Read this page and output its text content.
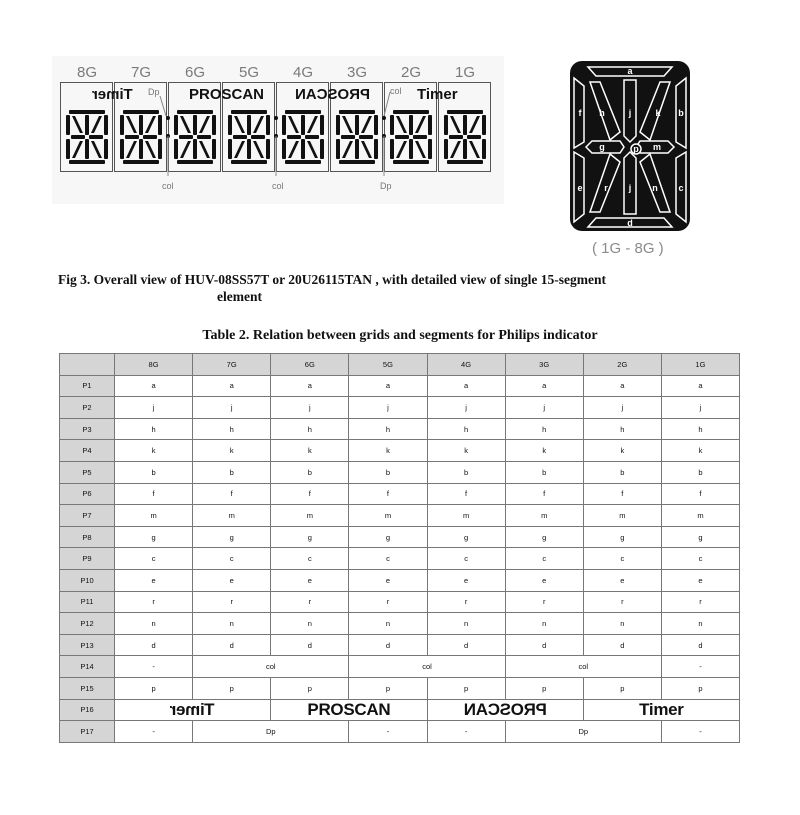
8G	7G	6G	5G	4G	3G	2G	1G
Timer	PROSCAN PROSCAN	Timer
Dp	col
col	col	Dp
a
f h	j	k b
g	p m
e r j n c
d
( 1G - 8G )
Fig 3. Overall view of HUV-08SS57T or 20U26115TAN , with detailed view of single 15-segment
element
Table 2. Relation between grids and segments for Philips indicator
	8G	7G	6G	5G	4G	3G	2G	1G
P1	a	a	a	a	a	a	a	a
P2	j	j	j	j	j	j	j	j
P3	h	h	h	h	h	h	h	h
P4	k	k	k	k	k	k	k	k
P5	b	b	b	b	b	b	b	b
P6	f	f	f	f	f	f	f	f
P7	m	m	m	m	m	m	m	m
P8	g	g	g	g	g	g	g	g
P9	c	c	c	c	c	c	c	c
P10	e	e	e	e	e	e	e	e
P11	r	r	r	r	r	r	r	r
P12	n	n	n	n	n	n	n	n
P13	d	d	d	d	d	d	d	d
P14	-	col		col		col		-
P15	p	p	p	p	p	p	p	p
P16	Timer		PROSCAN		PROSCAN		Timer	
P17	-	Dp		-	-	Dp		-
